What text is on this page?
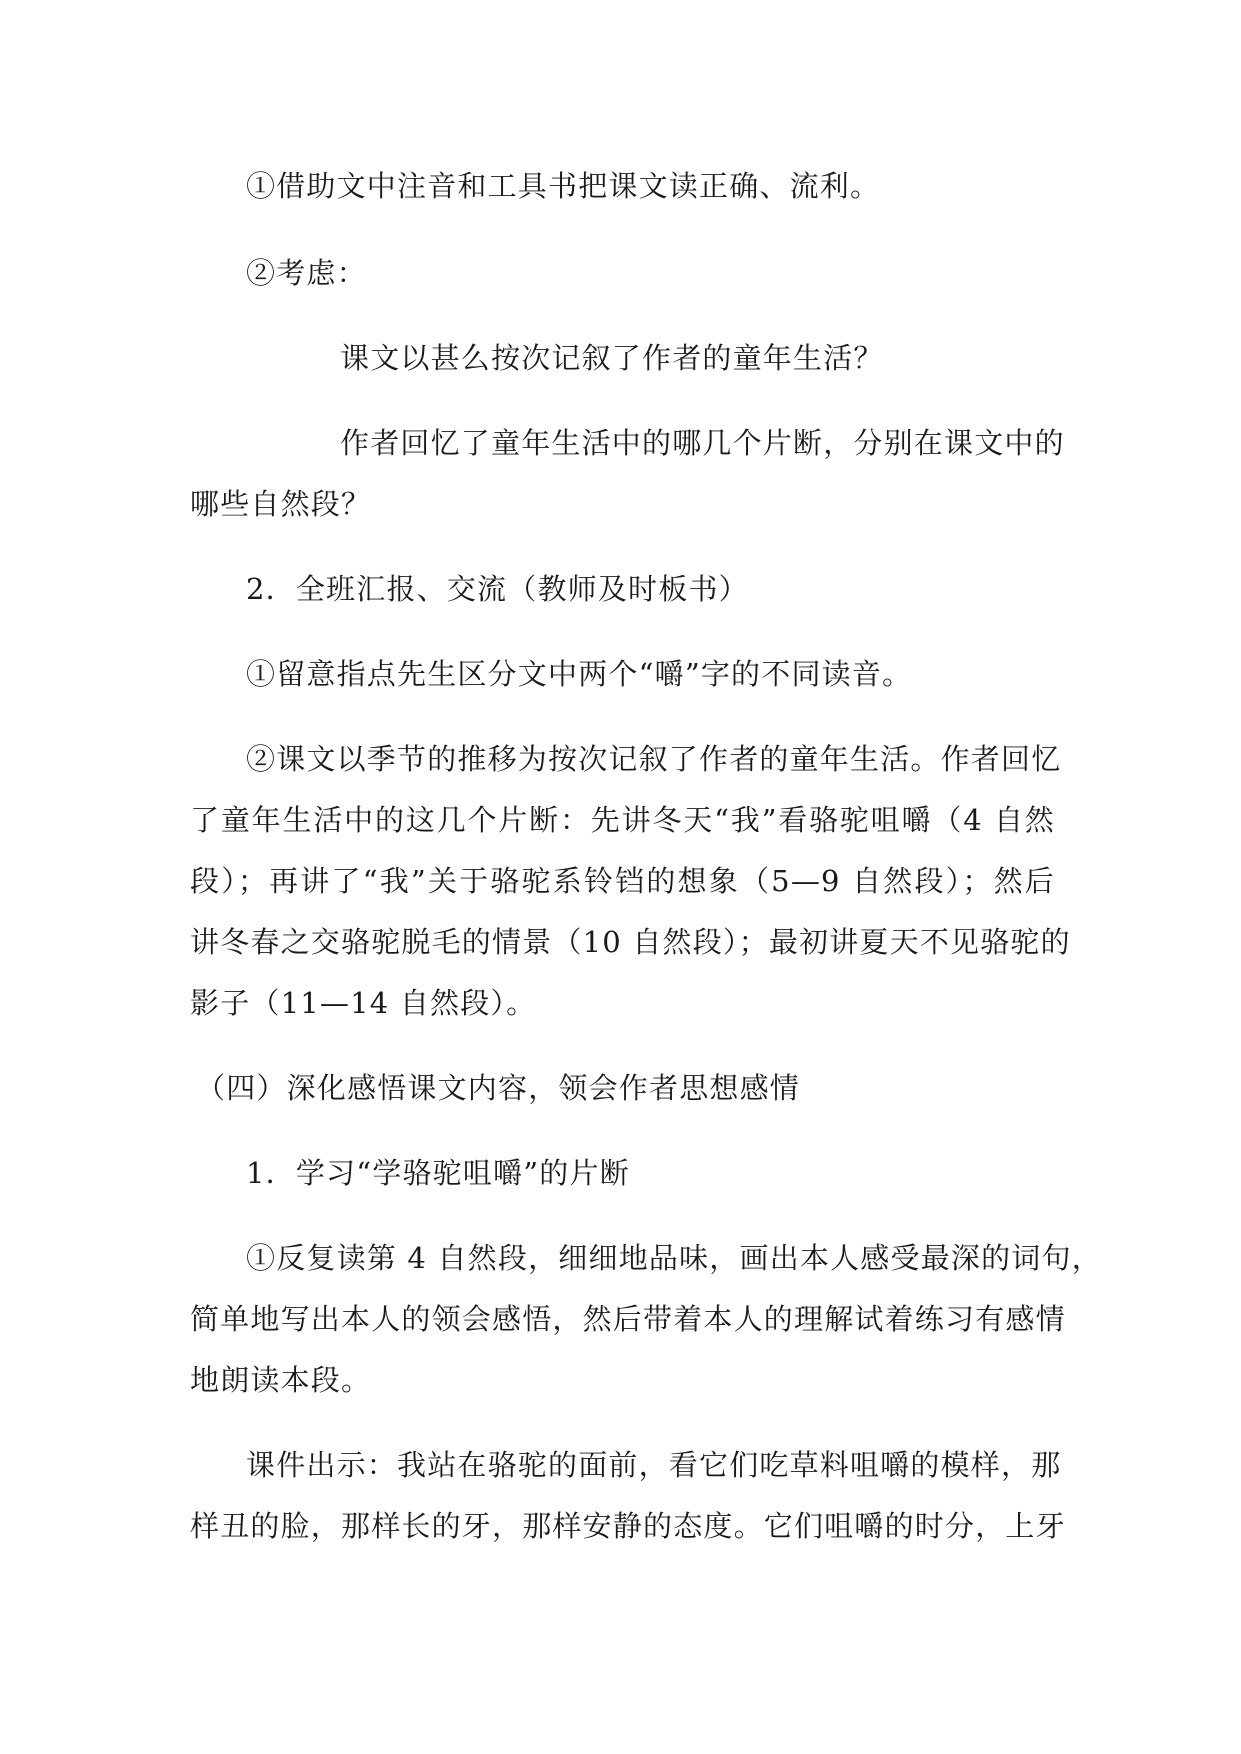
①借助文中注音和工具书把课文读正确、流利。
②考虑：
课文以甚么按次记叙了作者的童年生活？
作者回忆了童年生活中的哪几个片断，分别在课文中的
哪些自然段？
2．全班汇报、交流（教师及时板书）
①留意指点先生区分文中两个“嚼”字的不同读音。
②课文以季节的推移为按次记叙了作者的童年生活。作者回忆
了童年生活中的这几个片断：先讲冬天“我”看骆驼咀嚼（4 自然
段）；再讲了“我”关于骆驼系铃铛的想象（5—9 自然段）；然后
讲冬春之交骆驼脱毛的情景（10 自然段）；最初讲夏天不见骆驼的
影子（11—14 自然段）。
（四）深化感悟课文内容，领会作者思想感情
1．学习“学骆驼咀嚼”的片断
①反复读第 4 自然段，细细地品味，画出本人感受最深的词句，
简单地写出本人的领会感悟，然后带着本人的理解试着练习有感情
地朗读本段。
课件出示：我站在骆驼的面前，看它们吃草料咀嚼的模样，那
样丑的脸，那样长的牙，那样安静的态度。它们咀嚼的时分，上牙
